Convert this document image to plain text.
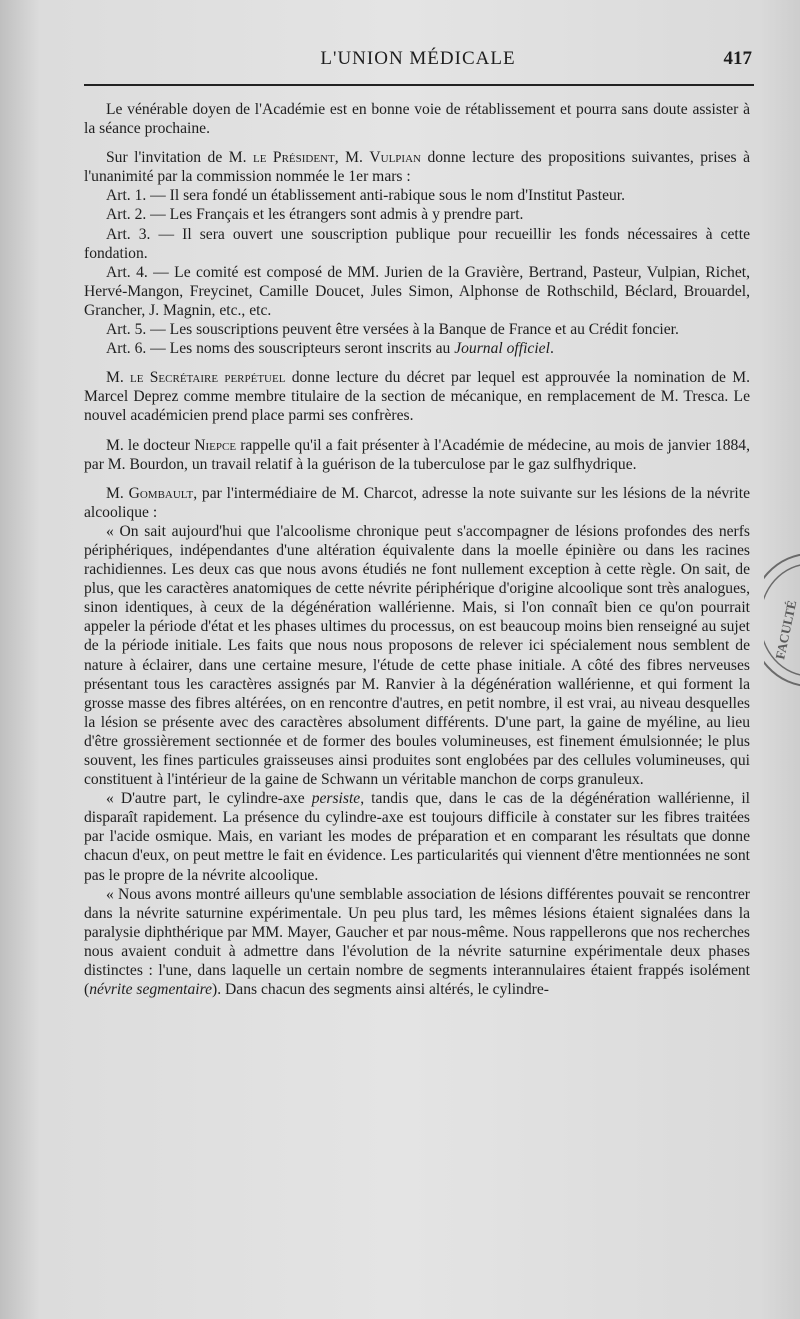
L'UNION MÉDICALE	417

Le vénérable doyen de l'Académie est en bonne voie de rétablissement et pourra sans doute assister à la séance prochaine.

Sur l'invitation de M. le Président, M. Vulpian donne lecture des propositions suivantes, prises à l'unanimité par la commission nommée le 1er mars :

Art. 1. — Il sera fondé un établissement anti-rabique sous le nom d'Institut Pasteur.

Art. 2. — Les Français et les étrangers sont admis à y prendre part.

Art. 3. — Il sera ouvert une souscription publique pour recueillir les fonds nécessaires à cette fondation.

Art. 4. — Le comité est composé de MM. Jurien de la Gravière, Bertrand, Pasteur, Vulpian, Richet, Hervé-Mangon, Freycinet, Camille Doucet, Jules Simon, Alphonse de Rothschild, Béclard, Brouardel, Grancher, J. Magnin, etc., etc.

Art. 5. — Les souscriptions peuvent être versées à la Banque de France et au Crédit foncier.

Art. 6. — Les noms des souscripteurs seront inscrits au Journal officiel.

M. le Secrétaire perpétuel donne lecture du décret par lequel est approuvée la nomination de M. Marcel Deprez comme membre titulaire de la section de mécanique, en remplacement de M. Tresca. Le nouvel académicien prend place parmi ses confrères.

M. le docteur Niepce rappelle qu'il a fait présenter à l'Académie de médecine, au mois de janvier 1884, par M. Bourdon, un travail relatif à la guérison de la tuberculose par le gaz sulfhydrique.

M. Gombault, par l'intermédiaire de M. Charcot, adresse la note suivante sur les lésions de la névrite alcoolique :

« On sait aujourd'hui que l'alcoolisme chronique peut s'accompagner de lésions profondes des nerfs périphériques, indépendantes d'une altération équivalente dans la moelle épinière ou dans les racines rachidiennes. Les deux cas que nous avons étudiés ne font nullement exception à cette règle. On sait, de plus, que les caractères anatomiques de cette névrite périphérique d'origine alcoolique sont très analogues, sinon identiques, à ceux de la dégénération wallérienne. Mais, si l'on connaît bien ce qu'on pourrait appeler la période d'état et les phases ultimes du processus, on est beaucoup moins bien renseigné au sujet de la période initiale. Les faits que nous nous proposons de relever ici spécialement nous semblent de nature à éclairer, dans une certaine mesure, l'étude de cette phase initiale. A côté des fibres nerveuses présentant tous les caractères assignés par M. Ranvier à la dégénération wallérienne, et qui forment la grosse masse des fibres altérées, on en rencontre d'autres, en petit nombre, il est vrai, au niveau desquelles la lésion se présente avec des caractères absolument différents. D'une part, la gaine de myéline, au lieu d'être grossièrement sectionnée et de former des boules volumineuses, est finement émulsionnée; le plus souvent, les fines particules graisseuses ainsi produites sont englobées par des cellules volumineuses, qui constituent à l'intérieur de la gaine de Schwann un véritable manchon de corps granuleux.

« D'autre part, le cylindre-axe persiste, tandis que, dans le cas de la dégénération wallérienne, il disparaît rapidement. La présence du cylindre-axe est toujours difficile à constater sur les fibres traitées par l'acide osmique. Mais, en variant les modes de préparation et en comparant les résultats que donne chacun d'eux, on peut mettre le fait en évidence. Les particularités qui viennent d'être mentionnées ne sont pas le propre de la névrite alcoolique.

« Nous avons montré ailleurs qu'une semblable association de lésions différentes pouvait se rencontrer dans la névrite saturnine expérimentale. Un peu plus tard, les mêmes lésions étaient signalées dans la paralysie diphthérique par MM. Mayer, Gaucher et par nous-même. Nous rappellerons que nos recherches nous avaient conduit à admettre dans l'évolution de la névrite saturnine expérimentale deux phases distinctes : l'une, dans laquelle un certain nombre de segments interannulaires étaient frappés isolément (névrite segmentaire). Dans chacun des segments ainsi altérés, le cylindre-

FACULTÉ
